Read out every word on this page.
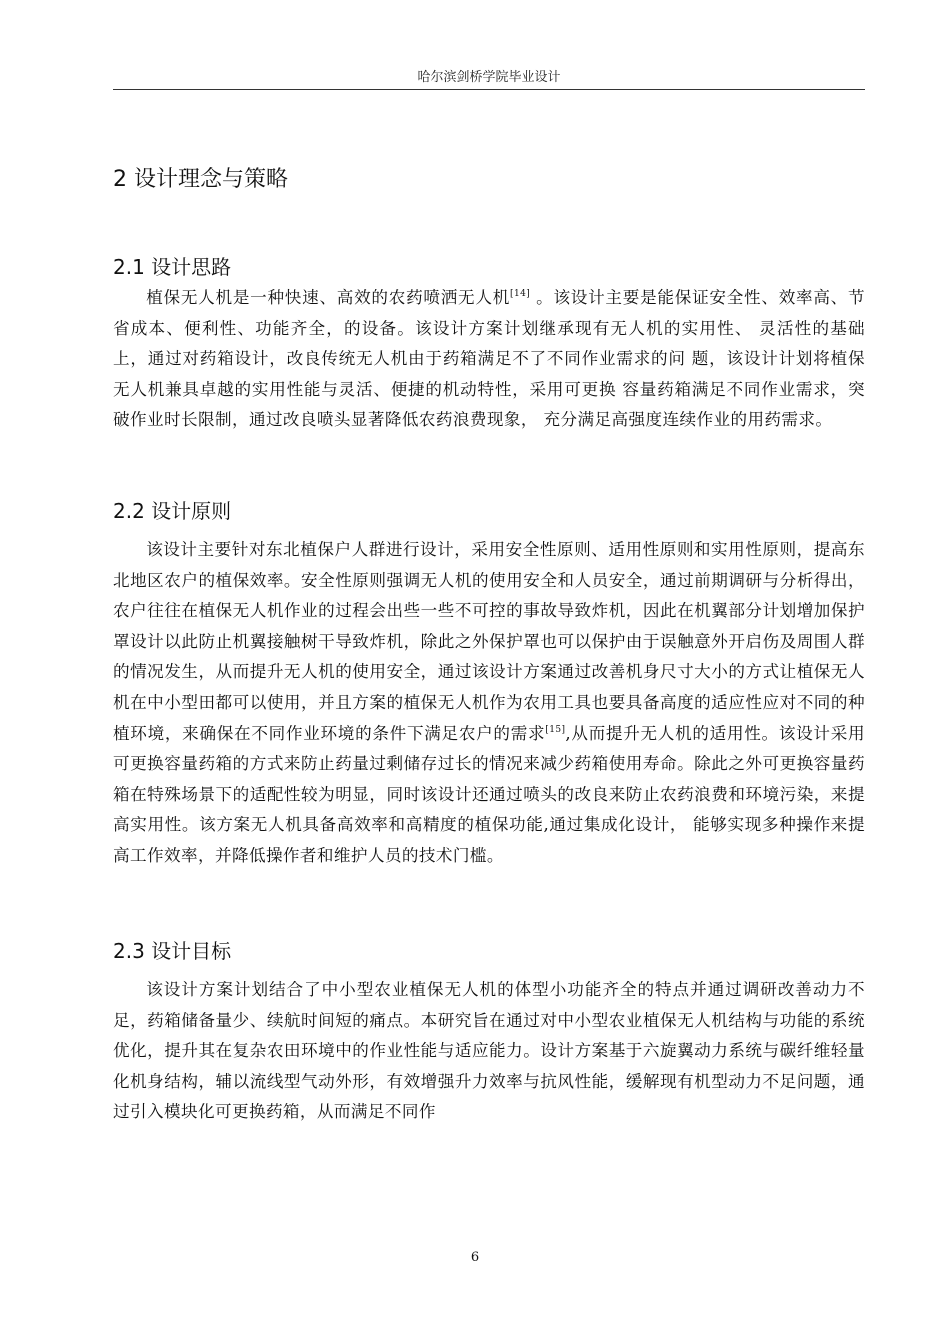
哈尔滨剑桥学院毕业设计
2 设计理念与策略
2.1 设计思路

植保无人机是一种快速、高效的农药喷洒无人机[14] 。该设计主要是能保证安全性、效率高、节省成本、便利性、功能齐全，的设备。该设计方案计划继承现有无人机的实用性、 灵活性的基础上，通过对药箱设计，改良传统无人机由于药箱满足不了不同作业需求的问 题，该设计计划将植保无人机兼具卓越的实用性能与灵活、便捷的机动特性，采用可更换 容量药箱满足不同作业需求，突破作业时长限制，通过改良喷头显著降低农药浪费现象， 充分满足高强度连续作业的用药需求。

2.2 设计原则

该设计主要针对东北植保户人群进行设计，采用安全性原则、适用性原则和实用性原则，提高东北地区农户的植保效率。安全性原则强调无人机的使用安全和人员安全，通过前期调研与分析得出，农户往往在植保无人机作业的过程会出些一些不可控的事故导致炸机，因此在机翼部分计划增加保护罩设计以此防止机翼接触树干导致炸机，除此之外保护罩也可以保护由于误触意外开启伤及周围人群的情况发生，从而提升无人机的使用安全，通过该设计方案通过改善机身尺寸大小的方式让植保无人机在中小型田都可以使用，并且方案的植保无人机作为农用工具也要具备高度的适应性应对不同的种植环境，来确保在不同作业环境的条件下满足农户的需求[15],从而提升无人机的适用性。该设计采用可更换容量药箱的方式来防止药量过剩储存过长的情况来减少药箱使用寿命。除此之外可更换容量药箱在特殊场景下的适配性较为明显，同时该设计还通过喷头的改良来防止农药浪费和环境污染，来提高实用性。该方案无人机具备高效率和高精度的植保功能,通过集成化设计， 能够实现多种操作来提高工作效率，并降低操作者和维护人员的技术门槛。

2.3 设计目标

该设计方案计划结合了中小型农业植保无人机的体型小功能齐全的特点并通过调研改善动力不足，药箱储备量少、续航时间短的痛点。本研究旨在通过对中小型农业植保无人机结构与功能的系统优化，提升其在复杂农田环境中的作业性能与适应能力。设计方案基于六旋翼动力系统与碳纤维轻量化机身结构，辅以流线型气动外形，有效增强升力效率与抗风性能，缓解现有机型动力不足问题，通过引入模块化可更换药箱，从而满足不同作

6
